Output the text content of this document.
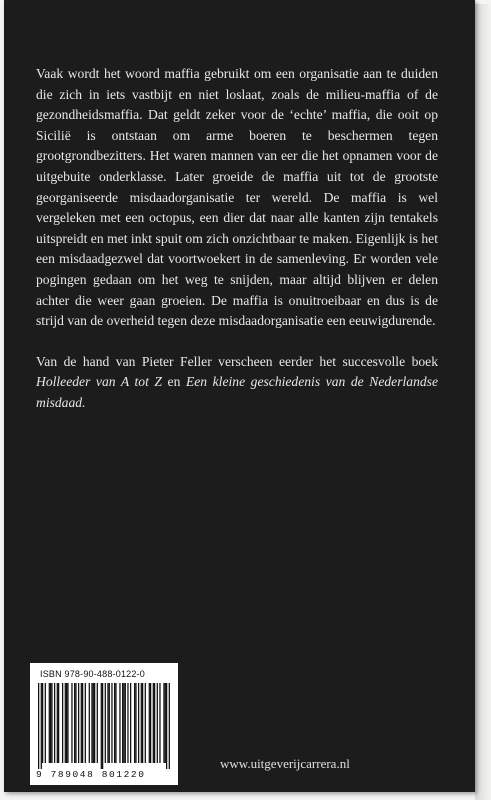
Vaak wordt het woord maffia gebruikt om een organisatie aan te duiden die zich in iets vastbijt en niet loslaat, zoals de milieu-maffia of de gezondheidsmaffia. Dat geldt zeker voor de ‘echte’ maffia, die ooit op Sicilië is ontstaan om arme boeren te beschermen tegen grootgrondbezitters. Het waren mannen van eer die het opnamen voor de uitgebuite onderklasse. Later groeide de maffia uit tot de grootste georganiseerde misdaadorganisatie ter wereld. De maffia is wel vergeleken met een octopus, een dier dat naar alle kanten zijn tentakels uitspreidt en met inkt spuit om zich onzichtbaar te maken. Eigenlijk is het een misdaadgezwel dat voortwoekert in de samenleving. Er worden vele pogingen gedaan om het weg te snijden, maar altijd blijven er delen achter die weer gaan groeien. De maffia is onuitroeibaar en dus is de strijd van de overheid tegen deze misdaadorganisatie een eeuwigdurende.

Van de hand van Pieter Feller verscheen eerder het succesvolle boek Holleeder van A tot Z en Een kleine geschiedenis van de Nederlandse misdaad.

ISBN 978-90-488-0122-0
9 789048 801220
www.uitgeverijcarrera.nl
